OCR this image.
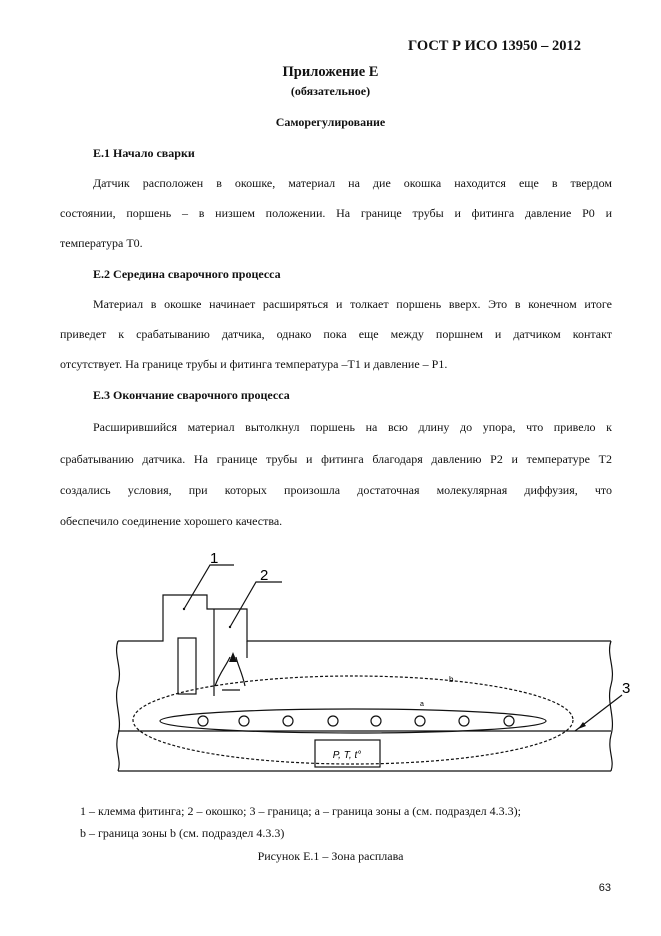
ГОСТ Р ИСО 13950 – 2012
Приложение Е
(обязательное)
Саморегулирование
Е.1 Начало сварки
Датчик расположен в окошке, материал на дие окошка находится еще в твердом
состоянии, поршень – в низшем положении. На границе трубы и фитинга давление P0 и
температура T0.
Е.2 Середина сварочного процесса
Материал в окошке начинает расширяться и толкает поршень вверх. Это в конечном итоге
приведет к срабатыванию датчика, однако пока еще между поршнем и датчиком контакт
отсутствует. На границе трубы и фитинга температура –T1 и давление – P1.
Е.3 Окончание сварочного процесса
Расширившийся материал вытолкнул поршень на всю длину до упора, что привело к
срабатыванию датчика. На границе трубы и фитинга благодаря давлению P2 и температуре T2
создались условия, при которых произошла достаточная молекулярная диффузия, что
обеспечило соединение хорошего качества.
1
2
3
b
a
P, T, t°
1 – клемма фитинга; 2 – окошко; 3 – граница; a – граница зоны a (см. подраздел 4.3.3);
b – граница зоны b (см. подраздел 4.3.3)
Рисунок Е.1 – Зона расплава
63
